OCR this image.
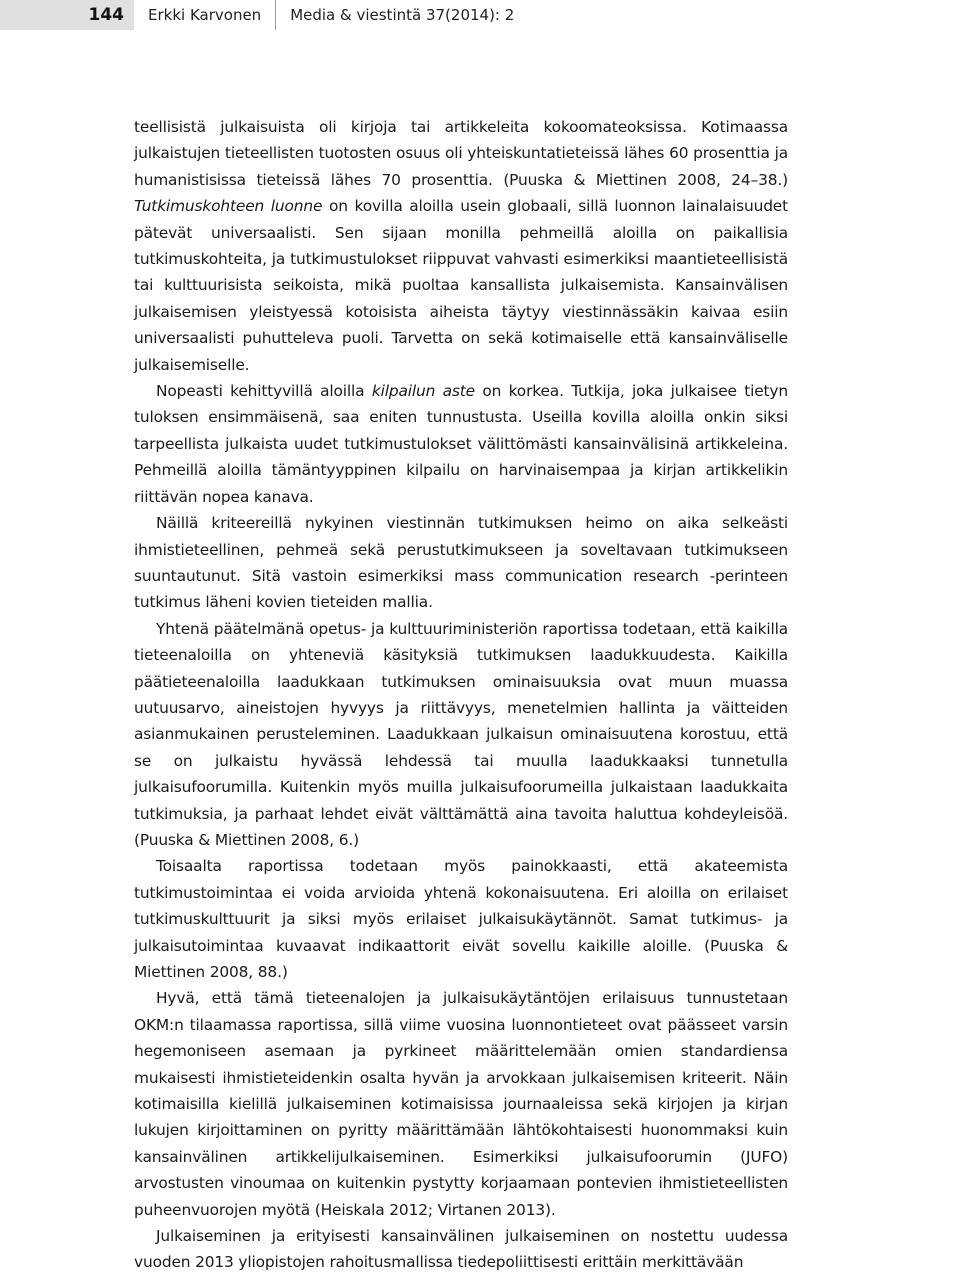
144	Erkki Karvonen	Media & viestintä 37(2014): 2

teellisistä julkaisuista oli kirjoja tai artikkeleita kokoomateoksissa. Kotimaassa julkaistujen tieteellisten tuotosten osuus oli yhteiskuntatieteissä lähes 60 prosenttia ja humanistisissa tieteissä lähes 70 prosenttia. (Puuska & Miettinen 2008, 24–38.) Tutkimuskohteen luonne on kovilla aloilla usein globaali, sillä luonnon lainalaisuudet pätevät universaalisti. Sen sijaan monilla pehmeillä aloilla on paikallisia tutkimuskohteita, ja tutkimustulokset riippuvat vahvasti esimerkiksi maantieteellisistä tai kulttuurisista seikoista, mikä puoltaa kansallista julkaisemista. Kansainvälisen julkaisemisen yleistyessä kotoisista aiheista täytyy viestinnässäkin kaivaa esiin universaalisti puhutteleva puoli. Tarvetta on sekä kotimaiselle että kansainväliselle julkaisemiselle.

Nopeasti kehittyvillä aloilla kilpailun aste on korkea. Tutkija, joka julkaisee tietyn tuloksen ensimmäisenä, saa eniten tunnustusta. Useilla kovilla aloilla onkin siksi tarpeellista julkaista uudet tutkimustulokset välittömästi kansainvälisinä artikkeleina. Pehmeillä aloilla tämäntyyppinen kilpailu on harvinaisempaa ja kirjan artikkelikin riittävän nopea kanava.

Näillä kriteereillä nykyinen viestinnän tutkimuksen heimo on aika selkeästi ihmistieteellinen, pehmeä sekä perustutkimukseen ja soveltavaan tutkimukseen suuntautunut. Sitä vastoin esimerkiksi mass communication research -perinteen tutkimus läheni kovien tieteiden mallia.

Yhtenä päätelmänä opetus- ja kulttuuriministeriön raportissa todetaan, että kaikilla tieteenaloilla on yhteneviä käsityksiä tutkimuksen laadukkuudesta. Kaikilla päätieteenaloilla laadukkaan tutkimuksen ominaisuuksia ovat muun muassa uutuusarvo, aineistojen hyvyys ja riittävyys, menetelmien hallinta ja väitteiden asianmukainen perusteleminen. Laadukkaan julkaisun ominaisuutena korostuu, että se on julkaistu hyvässä lehdessä tai muulla laadukkaaksi tunnetulla julkaisufoorumilla. Kuitenkin myös muilla julkaisufoorumeilla julkaistaan laadukkaita tutkimuksia, ja parhaat lehdet eivät välttämättä aina tavoita haluttua kohdeyleisöä. (Puuska & Miettinen 2008, 6.)

Toisaalta raportissa todetaan myös painokkaasti, että akateemista tutkimustoimintaa ei voida arvioida yhtenä kokonaisuutena. Eri aloilla on erilaiset tutkimuskulttuurit ja siksi myös erilaiset julkaisukäytännöt. Samat tutkimus- ja julkaisutoimintaa kuvaavat indikaattorit eivät sovellu kaikille aloille. (Puuska & Miettinen 2008, 88.)

Hyvä, että tämä tieteenalojen ja julkaisukäytäntöjen erilaisuus tunnustetaan OKM:n tilaamassa raportissa, sillä viime vuosina luonnontieteet ovat päässeet varsin hegemoniseen asemaan ja pyrkineet määrittelemään omien standardiensa mukaisesti ihmistieteidenkin osalta hyvän ja arvokkaan julkaisemisen kriteerit. Näin kotimaisilla kielillä julkaiseminen kotimaisissa journaaleissa sekä kirjojen ja kirjan lukujen kirjoittaminen on pyritty määrittämään lähtökohtaisesti huonommaksi kuin kansainvälinen artikkelijulkaiseminen. Esimerkiksi julkaisufoorumin (JUFO) arvostusten vinoumaa on kuitenkin pystytty korjaamaan pontevien ihmistieteellisten puheenvuorojen myötä (Heiskala 2012; Virtanen 2013).

Julkaiseminen ja erityisesti kansainvälinen julkaiseminen on nostettu uudessa vuoden 2013 yliopistojen rahoitusmallissa tiedepoliittisesti erittäin merkittävään
